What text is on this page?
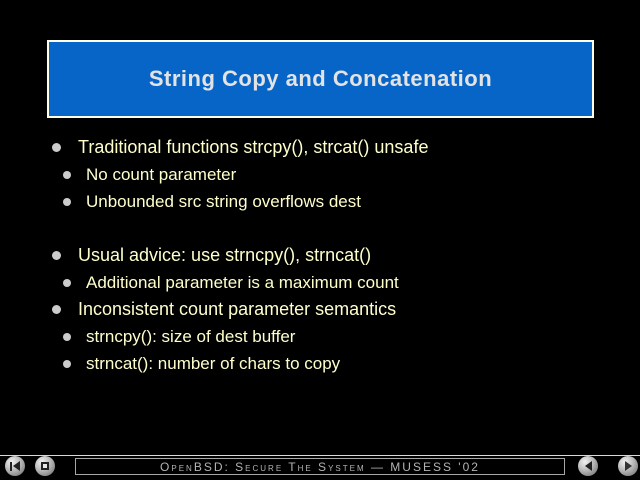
String Copy and Concatenation
Traditional functions strcpy(), strcat() unsafe
No count parameter
Unbounded src string overflows dest
Usual advice: use strncpy(), strncat()
Additional parameter is a maximum count
Inconsistent count parameter semantics
strncpy(): size of dest buffer
strncat(): number of chars to copy
OpenBSD: Secure The System — MUSESS '02
